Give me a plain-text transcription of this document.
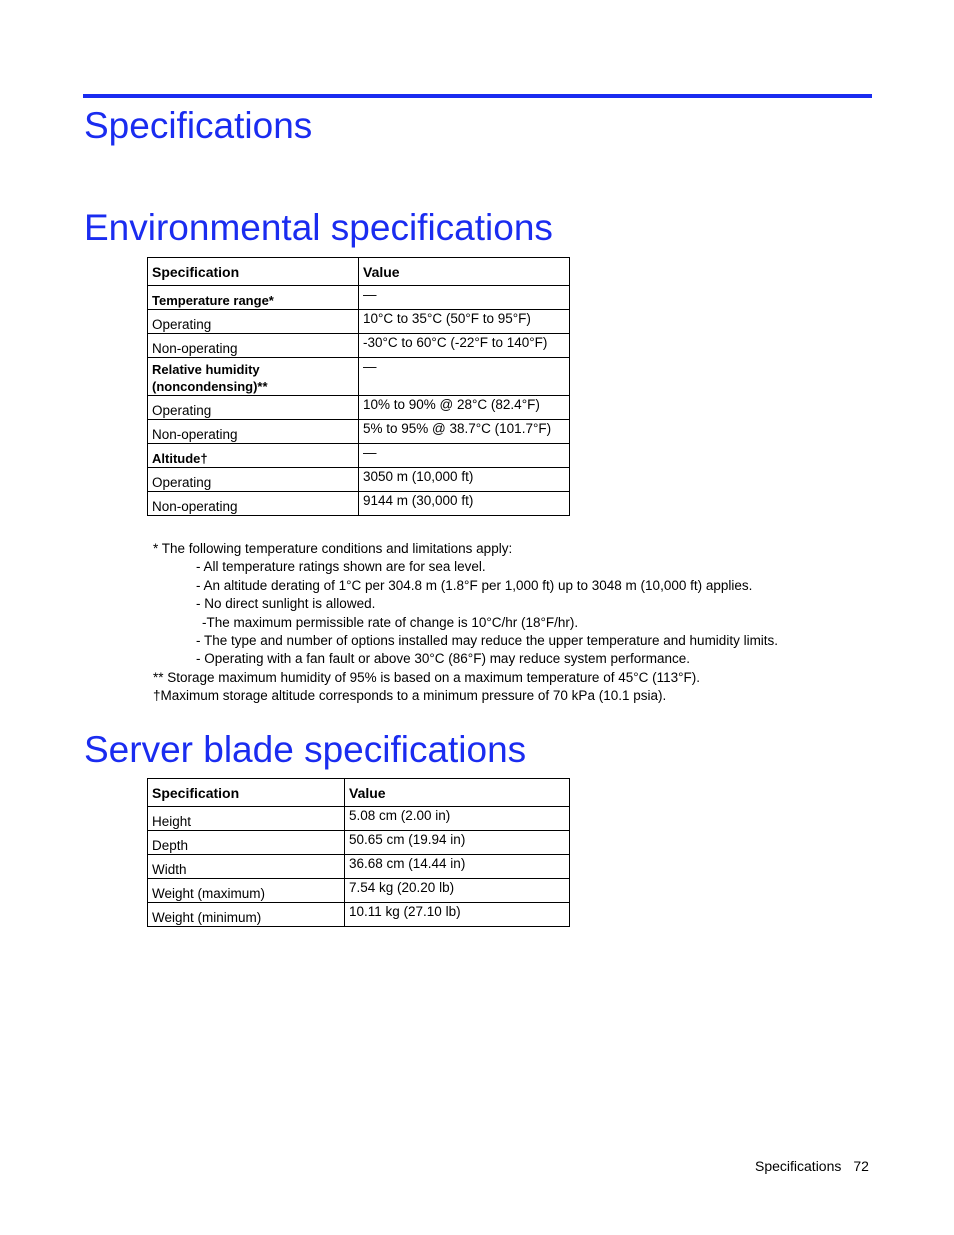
Specifications
Environmental specifications
Specification	Value
Temperature range*	—
Operating	10°C to 35°C (50°F to 95°F)
Non-operating	-30°C to 60°C (-22°F to 140°F)
Relative humidity (noncondensing)**	—
Operating	10% to 90% @ 28°C (82.4°F)
Non-operating	5% to 95% @ 38.7°C (101.7°F)
Altitude†	—
Operating	3050 m (10,000 ft)
Non-operating	9144 m (30,000 ft)
* The following temperature conditions and limitations apply:
- All temperature ratings shown are for sea level.
- An altitude derating of 1°C per 304.8 m (1.8°F per 1,000 ft) up to 3048 m (10,000 ft) applies.
- No direct sunlight is allowed.
-The maximum permissible rate of change is 10°C/hr (18°F/hr).
- The type and number of options installed may reduce the upper temperature and humidity limits.
- Operating with a fan fault or above 30°C (86°F) may reduce system performance.
** Storage maximum humidity of 95% is based on a maximum temperature of 45°C (113°F).
†Maximum storage altitude corresponds to a minimum pressure of 70 kPa (10.1 psia).
Server blade specifications
Specification	Value
Height	5.08 cm (2.00 in)
Depth	50.65 cm (19.94 in)
Width	36.68 cm (14.44 in)
Weight (maximum)	7.54 kg (20.20 lb)
Weight (minimum)	10.11 kg (27.10 lb)
Specifications 72
